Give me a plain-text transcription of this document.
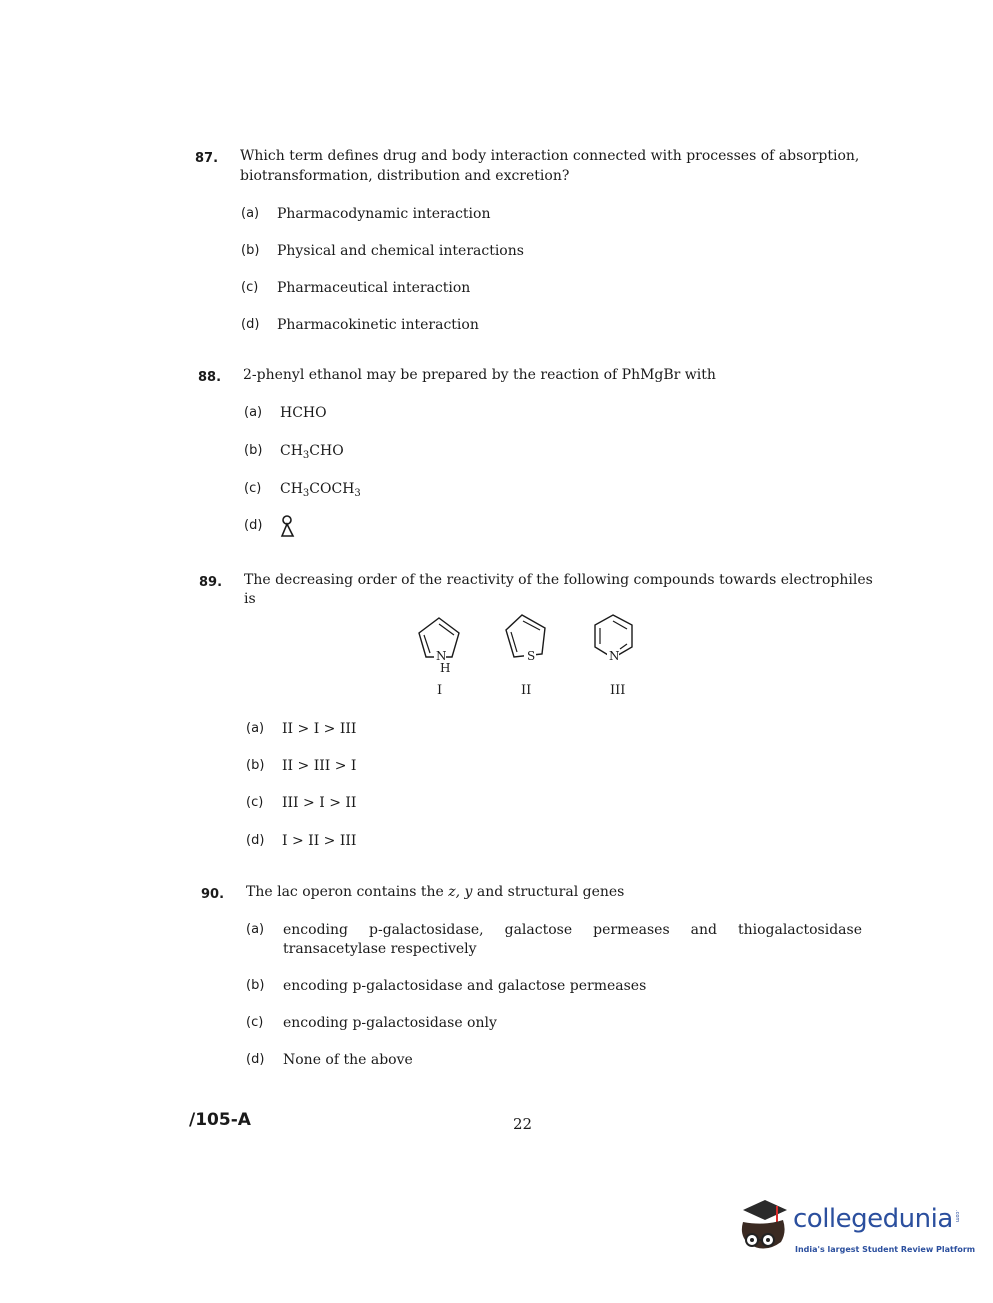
87. Which term defines drug and body interaction connected with processes of absorption,
biotransformation, distribution and excretion?
(a) Pharmacodynamic interaction
(b) Physical and chemical interactions
(c) Pharmaceutical interaction
(d) Pharmacokinetic interaction
88. 2-phenyl ethanol may be prepared by the reaction of PhMgBr with
(a) HCHO
(b) $CH_3CHO$
(c) $CH_3COCH_3$
(d)
89. The decreasing order of the reactivity of the following compounds towards electrophiles
is
N
H
I
S
II
N
III
(a) II > I > III
(b) II > III > I
(c) III > I > II
(d) I > II > III
90. The lac operon contains the z, y and structural genes
(a) encoding p-galactosidase, galactose permeases and thiogalactosidase
transacetylase respectively
(b) encoding p-galactosidase and galactose permeases
(c) encoding p-galactosidase only
(d) None of the above
/105-A	22
collegedunia .com
India's largest Student Review Platform
